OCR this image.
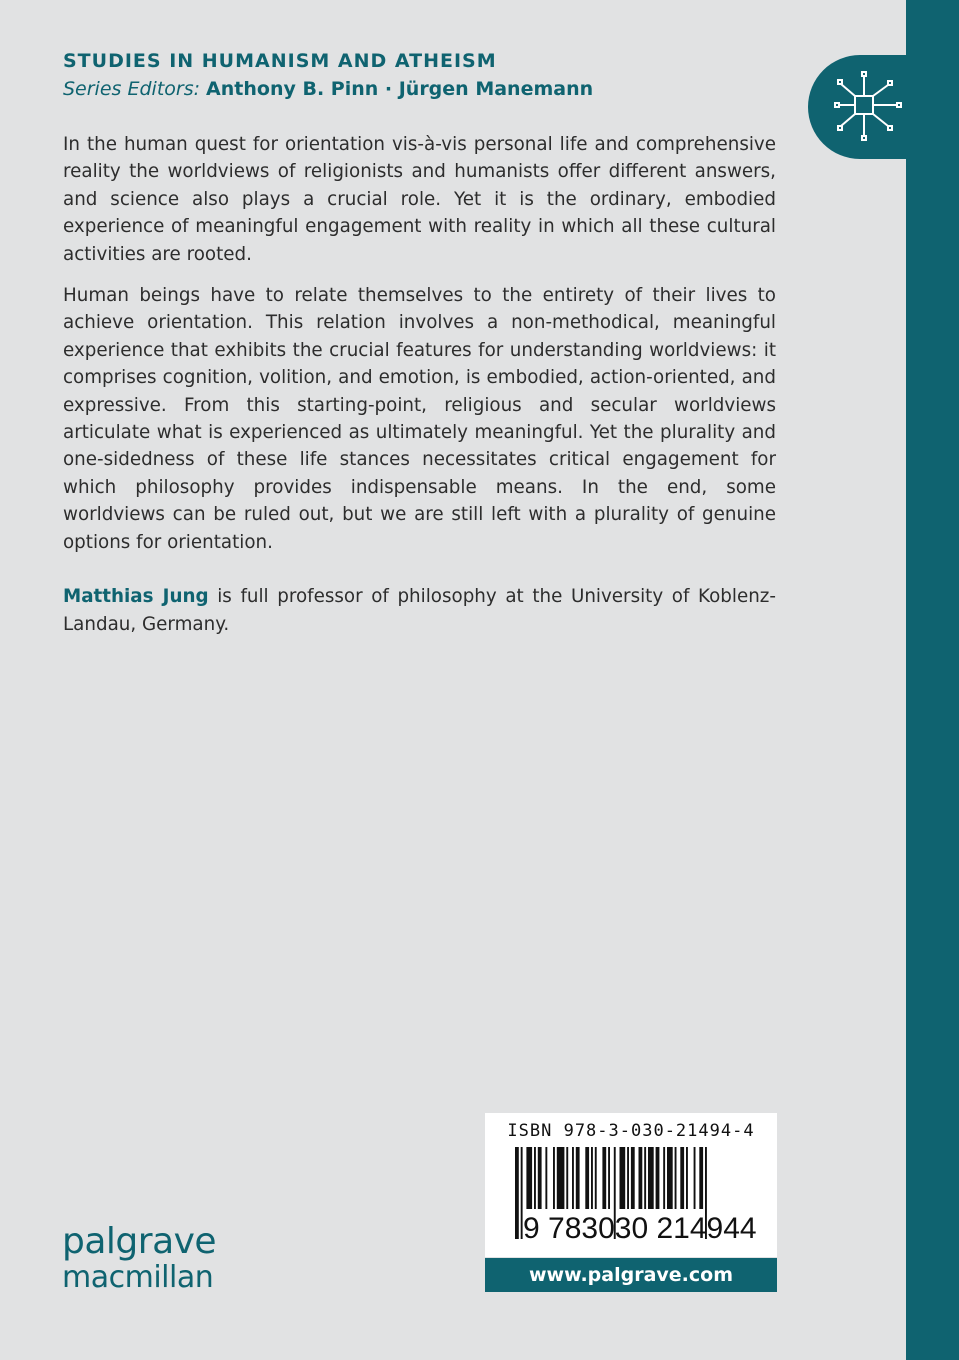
STUDIES IN HUMANISM AND ATHEISM
Series Editors: Anthony B. Pinn · Jürgen Manemann

In the human quest for orientation vis-à-vis personal life and comprehensive reality the worldviews of religionists and humanists offer different answers, and science also plays a crucial role. Yet it is the ordinary, embodied experience of meaningful engagement with reality in which all these cultural activities are rooted.

Human beings have to relate themselves to the entirety of their lives to achieve orientation. This relation involves a non-methodical, meaningful experience that exhibits the crucial features for understanding worldviews: it comprises cognition, volition, and emotion, is embodied, action-oriented, and expressive. From this starting-point, religious and secular worldviews articulate what is experienced as ultimately meaningful. Yet the plurality and one-sidedness of these life stances necessitates critical engagement for which philosophy provides indispensable means. In the end, some worldviews can be ruled out, but we are still left with a plurality of genuine options for orientation.

Matthias Jung is full professor of philosophy at the University of Koblenz-Landau, Germany.

palgrave
macmillan
ISBN 978-3-030-21494-4
9 783030 214944
www.palgrave.com
